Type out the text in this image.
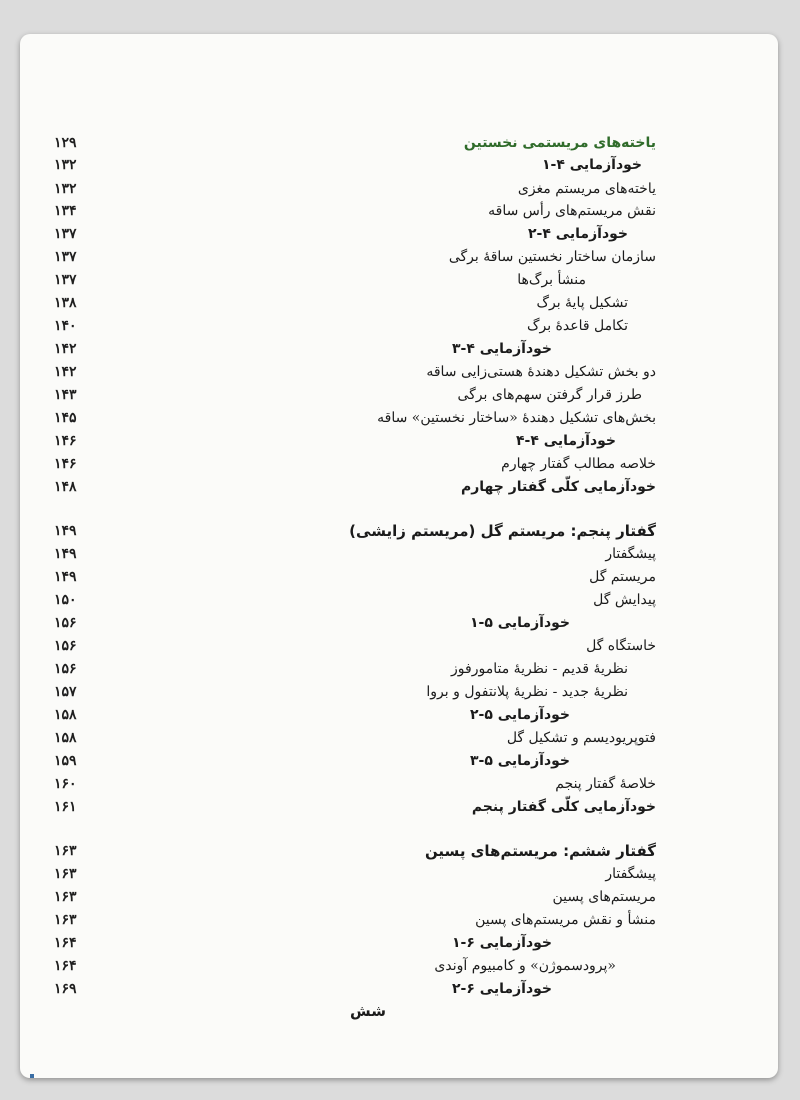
یاخته‌های مریستمی نخستین
۱۲۹
خودآزمایی ۴-۱
۱۳۲
یاخته‌های مریستم مغزی
۱۳۲
نقش مریستم‌های رأس ساقه
۱۳۴
خودآزمایی ۴-۲
۱۳۷
سازمان ساختار نخستین ساقهٔ برگی
۱۳۷
منشأ برگ‌ها
۱۳۷
تشکیل پایهٔ برگ
۱۳۸
تکامل قاعدهٔ برگ
۱۴۰
خودآزمایی ۴-۳
۱۴۲
دو بخش تشکیل دهندهٔ هستی‌زایی ساقه
۱۴۲
طرز قرار گرفتن سهم‌های برگی
۱۴۳
بخش‌های تشکیل دهندهٔ «ساختار نخستین» ساقه
۱۴۵
خودآزمایی ۴-۴
۱۴۶
خلاصه مطالب گفتار چهارم
۱۴۶
خودآزمایی کلّی گفتار چهارم
۱۴۸
گفتار پنجم: مریستم گل (مریستم زایشی)
۱۴۹
پیشگفتار
۱۴۹
مریستم گل
۱۴۹
پیدایش گل
۱۵۰
خودآزمایی ۵-۱
۱۵۶
خاستگاه گل
۱۵۶
نظریهٔ قدیم - نظریهٔ متامورفوز
۱۵۶
نظریهٔ جدید - نظریهٔ پلانتفول و بروا
۱۵۷
خودآزمایی ۵-۲
۱۵۸
فتوپریودیسم و تشکیل گل
۱۵۸
خودآزمایی ۵-۳
۱۵۹
خلاصهٔ گفتار پنجم
۱۶۰
خودآزمایی کلّی گفتار پنجم
۱۶۱
گفتار ششم: مریستم‌های پسین
۱۶۳
پیشگفتار
۱۶۳
مریستم‌های پسین
۱۶۳
منشأ و نقش مریستم‌های پسین
۱۶۳
خودآزمایی ۶-۱
۱۶۴
«پرودسموژن» و کامبیوم آوندی
۱۶۴
خودآزمایی ۶-۲
۱۶۹
شش
